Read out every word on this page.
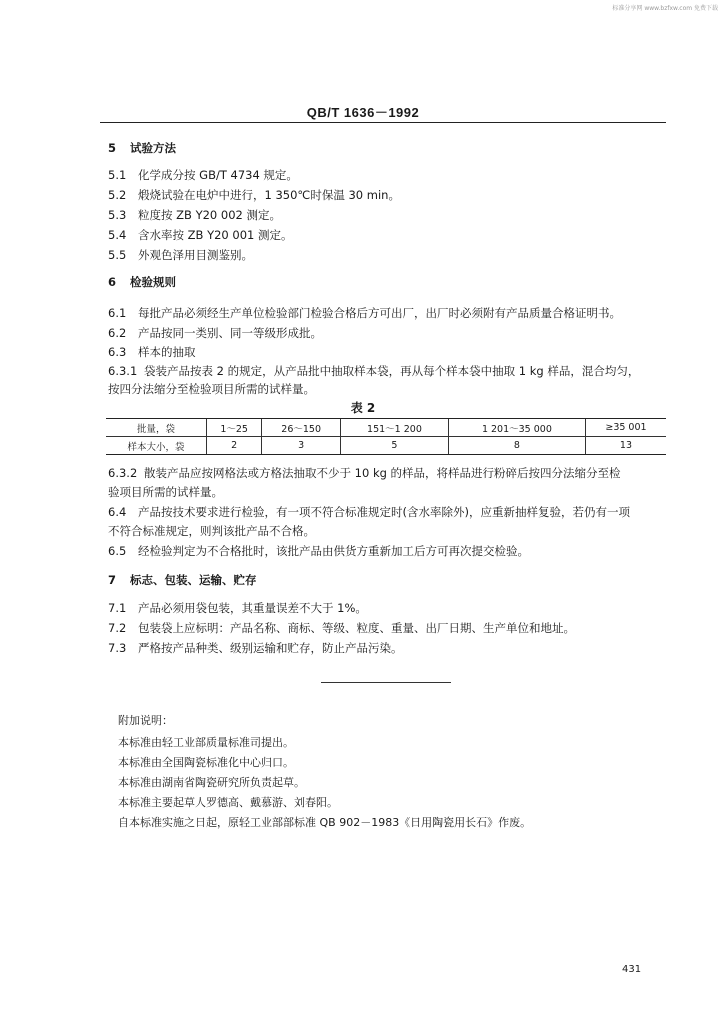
标准分享网 www.bzfxw.com 免费下载
QB/T 1636－1992
5 试验方法
5.1 化学成分按 GB/T 4734 规定。
5.2 煅烧试验在电炉中进行，1 350℃时保温 30 min。
5.3 粒度按 ZB Y20 002 测定。
5.4 含水率按 ZB Y20 001 测定。
5.5 外观色泽用目测鉴别。
6 检验规则
6.1 每批产品必须经生产单位检验部门检验合格后方可出厂，出厂时必须附有产品质量合格证明书。
6.2 产品按同一类别、同一等级形成批。
6.3 样本的抽取
6.3.1 袋装产品按表 2 的规定，从产品批中抽取样本袋，再从每个样本袋中抽取 1 kg 样品，混合均匀，
按四分法缩分至检验项目所需的试样量。
表 2
批量，袋	1～25	26～150	151～1 200	1 201～35 000	≥35 001
样本大小，袋	2	3	5	8	13
6.3.2 散装产品应按网格法或方格法抽取不少于 10 kg 的样品，将样品进行粉碎后按四分法缩分至检
验项目所需的试样量。
6.4 产品按技术要求进行检验，有一项不符合标准规定时(含水率除外)，应重新抽样复验，若仍有一项
不符合标准规定，则判该批产品不合格。
6.5 经检验判定为不合格批时，该批产品由供货方重新加工后方可再次提交检验。
7 标志、包装、运输、贮存
7.1 产品必须用袋包装，其重量误差不大于 1%。
7.2 包装袋上应标明：产品名称、商标、等级、粒度、重量、出厂日期、生产单位和地址。
7.3 严格按产品种类、级别运输和贮存，防止产品污染。
附加说明：
本标准由轻工业部质量标准司提出。
本标准由全国陶瓷标准化中心归口。
本标准由湖南省陶瓷研究所负责起草。
本标准主要起草人罗德高、戴慕游、刘春阳。
自本标准实施之日起，原轻工业部部标准 QB 902－1983《日用陶瓷用长石》作废。
431
